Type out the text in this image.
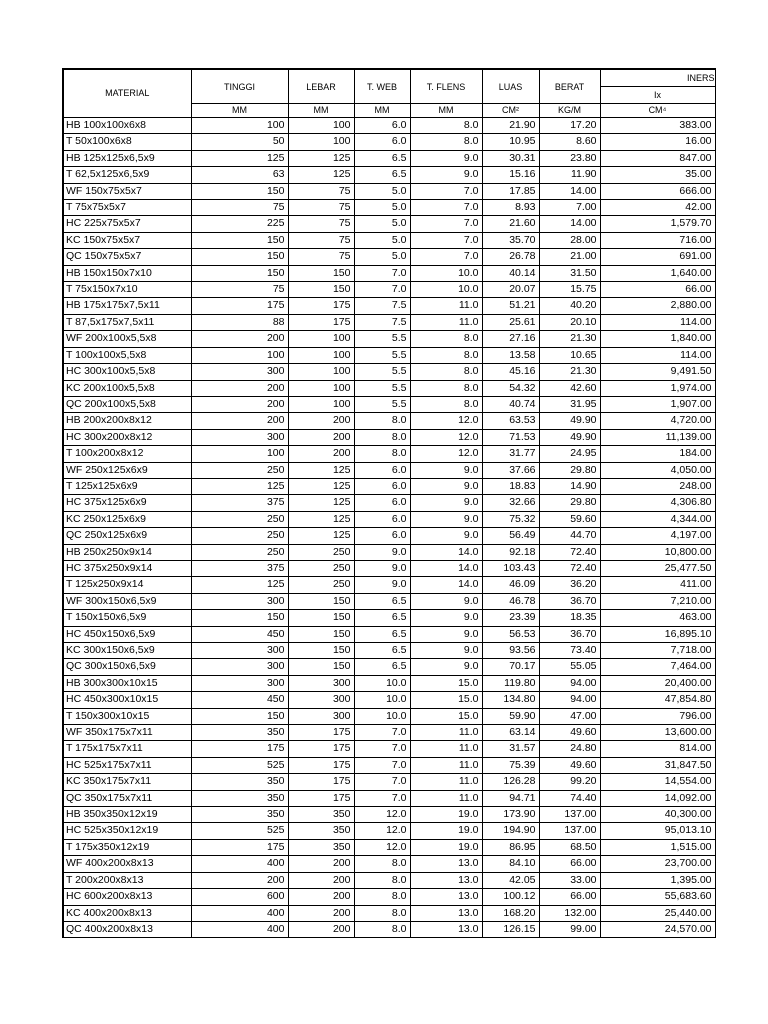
MATERIAL	TINGGI	LEBAR	T. WEB	T. FLENS	LUAS	BERAT	INERS
							Ix
	MM	MM	MM	MM	CM²	KG/M	CM⁴
HB 100x100x6x8	100	100	6.0	8.0	21.90	17.20	383.00
T 50x100x6x8	50	100	6.0	8.0	10.95	8.60	16.00
HB 125x125x6,5x9	125	125	6.5	9.0	30.31	23.80	847.00
T 62,5x125x6,5x9	63	125	6.5	9.0	15.16	11.90	35.00
WF 150x75x5x7	150	75	5.0	7.0	17.85	14.00	666.00
T 75x75x5x7	75	75	5.0	7.0	8.93	7.00	42.00
HC 225x75x5x7	225	75	5.0	7.0	21.60	14.00	1,579.70
KC 150x75x5x7	150	75	5.0	7.0	35.70	28.00	716.00
QC 150x75x5x7	150	75	5.0	7.0	26.78	21.00	691.00
HB 150x150x7x10	150	150	7.0	10.0	40.14	31.50	1,640.00
T 75x150x7x10	75	150	7.0	10.0	20.07	15.75	66.00
HB 175x175x7,5x11	175	175	7.5	11.0	51.21	40.20	2,880.00
T 87,5x175x7,5x11	88	175	7.5	11.0	25.61	20.10	114.00
WF 200x100x5,5x8	200	100	5.5	8.0	27.16	21.30	1,840.00
T 100x100x5,5x8	100	100	5.5	8.0	13.58	10.65	114.00
HC 300x100x5,5x8	300	100	5.5	8.0	45.16	21.30	9,491.50
KC 200x100x5,5x8	200	100	5.5	8.0	54.32	42.60	1,974.00
QC 200x100x5,5x8	200	100	5.5	8.0	40.74	31.95	1,907.00
HB 200x200x8x12	200	200	8.0	12.0	63.53	49.90	4,720.00
HC 300x200x8x12	300	200	8.0	12.0	71.53	49.90	11,139.00
T 100x200x8x12	100	200	8.0	12.0	31.77	24.95	184.00
WF 250x125x6x9	250	125	6.0	9.0	37.66	29.80	4,050.00
T 125x125x6x9	125	125	6.0	9.0	18.83	14.90	248.00
HC 375x125x6x9	375	125	6.0	9.0	32.66	29.80	4,306.80
KC 250x125x6x9	250	125	6.0	9.0	75.32	59.60	4,344.00
QC 250x125x6x9	250	125	6.0	9.0	56.49	44.70	4,197.00
HB 250x250x9x14	250	250	9.0	14.0	92.18	72.40	10,800.00
HC 375x250x9x14	375	250	9.0	14.0	103.43	72.40	25,477.50
T 125x250x9x14	125	250	9.0	14.0	46.09	36.20	411.00
WF 300x150x6,5x9	300	150	6.5	9.0	46.78	36.70	7,210.00
T 150x150x6,5x9	150	150	6.5	9.0	23.39	18.35	463.00
HC 450x150x6,5x9	450	150	6.5	9.0	56.53	36.70	16,895.10
KC 300x150x6,5x9	300	150	6.5	9.0	93.56	73.40	7,718.00
QC 300x150x6,5x9	300	150	6.5	9.0	70.17	55.05	7,464.00
HB 300x300x10x15	300	300	10.0	15.0	119.80	94.00	20,400.00
HC 450x300x10x15	450	300	10.0	15.0	134.80	94.00	47,854.80
T 150x300x10x15	150	300	10.0	15.0	59.90	47.00	796.00
WF 350x175x7x11	350	175	7.0	11.0	63.14	49.60	13,600.00
T 175x175x7x11	175	175	7.0	11.0	31.57	24.80	814.00
HC 525x175x7x11	525	175	7.0	11.0	75.39	49.60	31,847.50
KC 350x175x7x11	350	175	7.0	11.0	126.28	99.20	14,554.00
QC 350x175x7x11	350	175	7.0	11.0	94.71	74.40	14,092.00
HB 350x350x12x19	350	350	12.0	19.0	173.90	137.00	40,300.00
HC 525x350x12x19	525	350	12.0	19.0	194.90	137.00	95,013.10
T 175x350x12x19	175	350	12.0	19.0	86.95	68.50	1,515.00
WF 400x200x8x13	400	200	8.0	13.0	84.10	66.00	23,700.00
T 200x200x8x13	200	200	8.0	13.0	42.05	33.00	1,395.00
HC 600x200x8x13	600	200	8.0	13.0	100.12	66.00	55,683.60
KC 400x200x8x13	400	200	8.0	13.0	168.20	132.00	25,440.00
QC 400x200x8x13	400	200	8.0	13.0	126.15	99.00	24,570.00
